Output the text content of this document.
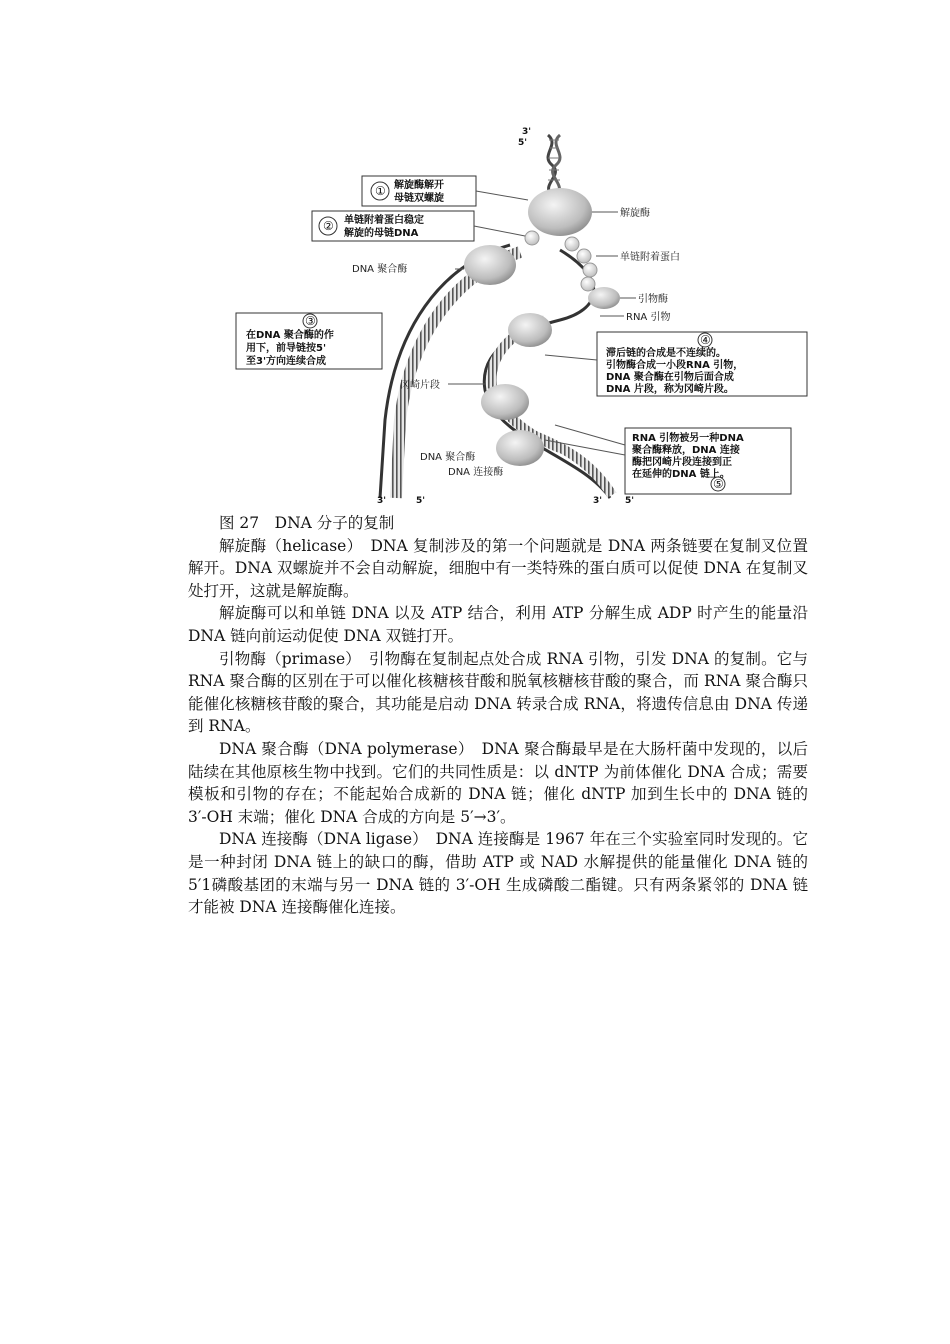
3'
5'
3'	5'	3'	5'
解旋酶
单链附着蛋白
引物酶
RNA 引物
DNA 聚合酶
冈崎片段
DNA 聚合酶
DNA 连接酶
① 解旋酶解开
母链双螺旋
② 单链附着蛋白稳定
解旋的母链DNA
③
在DNA 聚合酶的作
用下，前导链按5'
至3'方向连续合成
④
滞后链的合成是不连续的。
引物酶合成一小段RNA 引物，
DNA 聚合酶在引物后面合成
DNA 片段，称为冈崎片段。
RNA 引物被另一种DNA
聚合酶释放，DNA 连接
酶把冈崎片段连接到正
在延伸的DNA 链上。
⑤

图 27　DNA 分子的复制

解旋酶（helicase）　DNA 复制涉及的第一个问题就是 DNA 两条链要在复制叉位置解开。DNA 双螺旋并不会自动解旋，细胞中有一类特殊的蛋白质可以促使 DNA 在复制叉处打开，这就是解旋酶。

解旋酶可以和单链 DNA 以及 ATP 结合，利用 ATP 分解生成 ADP 时产生的能量沿 DNA 链向前运动促使 DNA 双链打开。

引物酶（primase）　引物酶在复制起点处合成 RNA 引物，引发 DNA 的复制。它与 RNA 聚合酶的区别在于可以催化核糖核苷酸和脱氧核糖核苷酸的聚合，而 RNA 聚合酶只能催化核糖核苷酸的聚合，其功能是启动 DNA 转录合成 RNA，将遗传信息由 DNA 传递到 RNA。

DNA 聚合酶（DNA polymerase）　DNA 聚合酶最早是在大肠杆菌中发现的，以后陆续在其他原核生物中找到。它们的共同性质是：以 dNTP 为前体催化 DNA 合成；需要模板和引物的存在；不能起始合成新的 DNA 链；催化 dNTP 加到生长中的 DNA 链的 3′-OH 末端；催化 DNA 合成的方向是 5′→3′。

DNA 连接酶（DNA ligase）　DNA 连接酶是 1967 年在三个实验室同时发现的。它是一种封闭 DNA 链上的缺口的酶，借助 ATP 或 NAD 水解提供的能量催化 DNA 链的 5′1磷酸基团的末端与另一 DNA 链的 3′-OH 生成磷酸二酯键。只有两条紧邻的 DNA 链才能被 DNA 连接酶催化连接。
